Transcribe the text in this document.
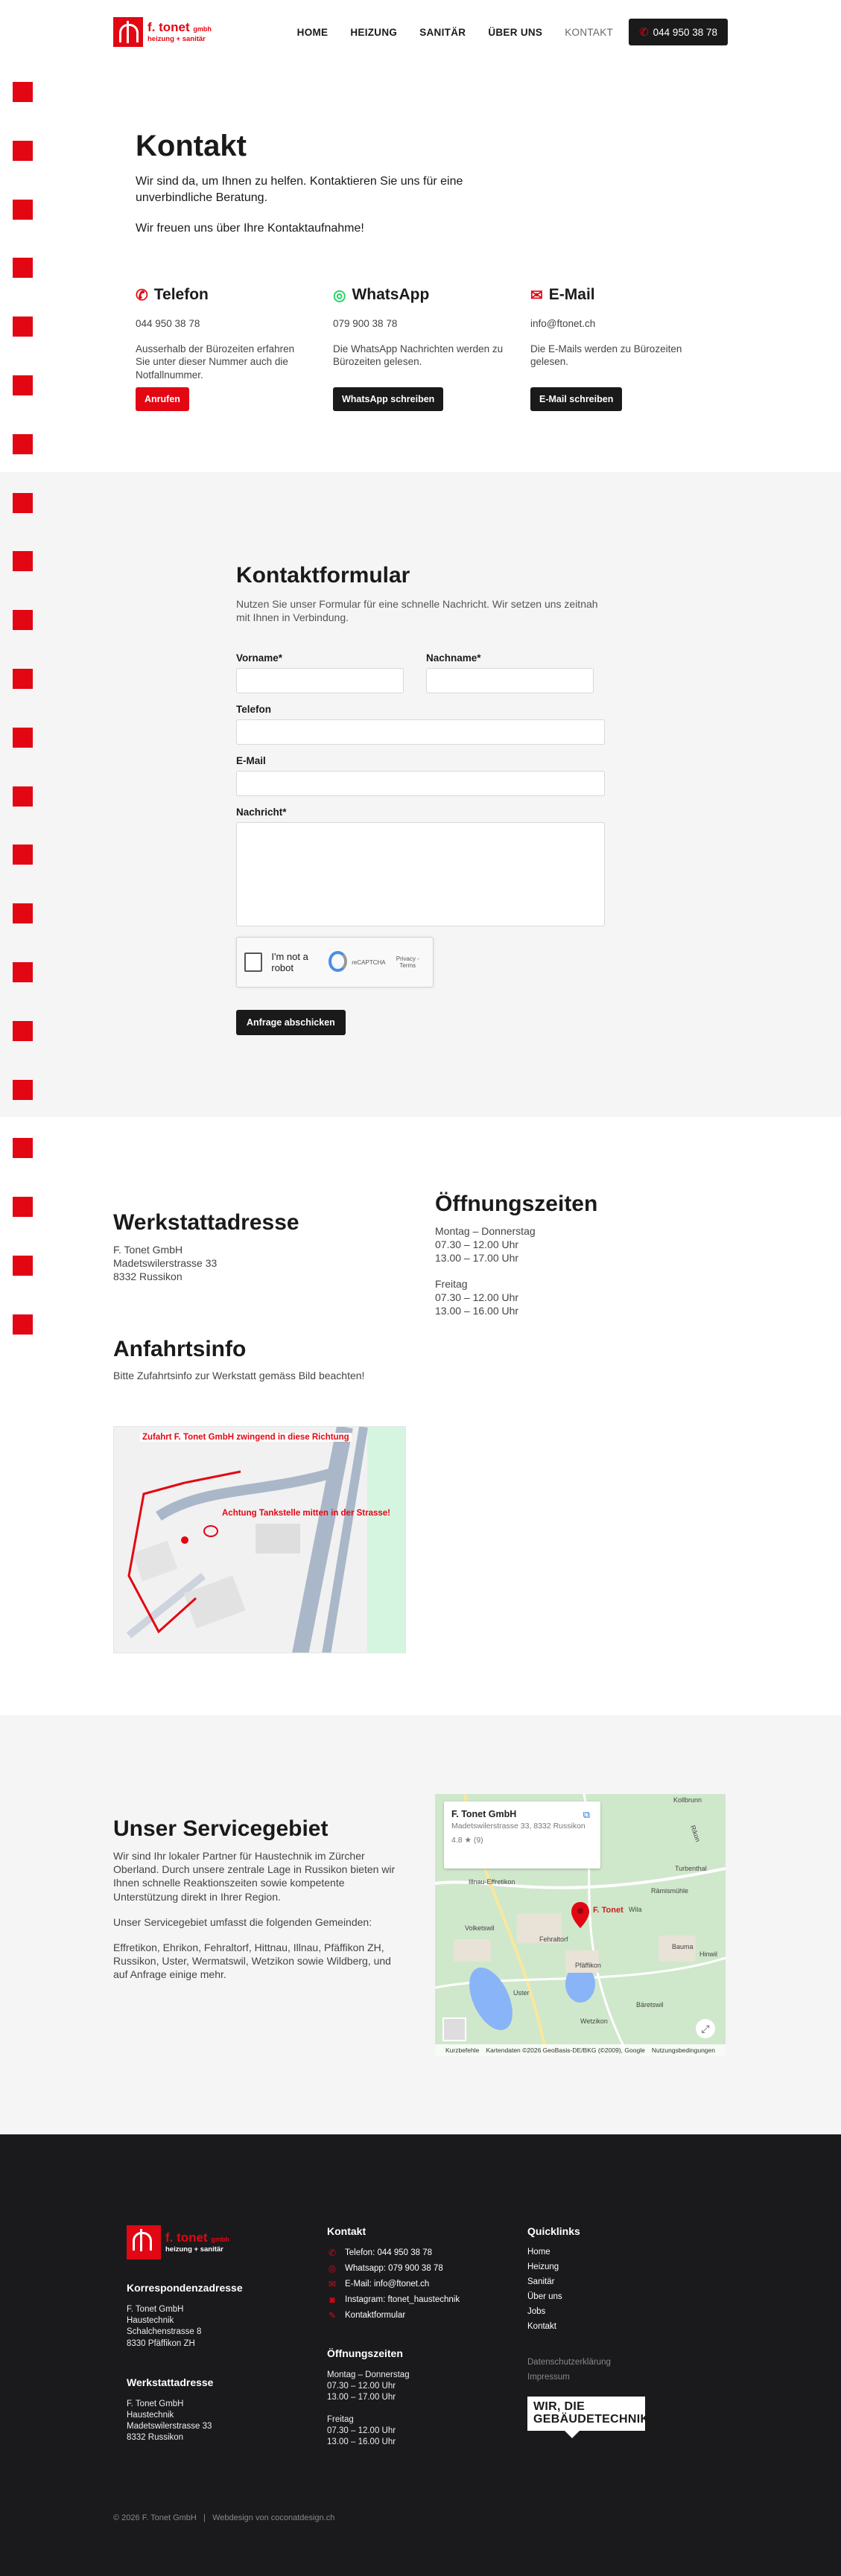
f. tonet gmbh
heizung + sanitär
HOME HEIZUNG SANITÄR ÜBER UNS KONTAKT ✆ 044 950 38 78
Kontakt

Wir sind da, um Ihnen zu helfen. Kontaktieren Sie uns für eine unverbindliche Beratung.

Wir freuen uns über Ihre Kontaktaufnahme!

✆ Telefon
044 950 38 78
Ausserhalb der Bürozeiten erfahren Sie unter dieser Nummer auch die Notfallnummer.
Anrufen
◎ WhatsApp
079 900 38 78
Die WhatsApp Nachrichten werden zu Bürozeiten gelesen.
WhatsApp schreiben
✉ E-Mail
info@ftonet.ch
Die E-Mails werden zu Bürozeiten gelesen.
E-Mail schreiben
Kontaktformular

Nutzen Sie unser Formular für eine schnelle Nachricht. Wir setzen uns zeitnah mit Ihnen in Verbindung.

Vorname*	Nachname*
Telefon
E-Mail
Nachricht*
I'm not a robot	reCAPTCHA	Privacy - Terms
Anfrage abschicken
Werkstattadresse
F. Tonet GmbH
Madetswilerstrasse 33
8332 Russikon
Öffnungszeiten
Montag – Donnerstag
07.30 – 12.00 Uhr
13.00 – 17.00 Uhr
Freitag
07.30 – 12.00 Uhr
13.00 – 16.00 Uhr
Anfahrtsinfo

Bitte Zufahrtsinfo zur Werkstatt gemäss Bild beachten!

Zufahrt F. Tonet GmbH zwingend in diese Richtung
Achtung Tankstelle mitten in der Strasse!
Unser Servicegebiet

Wir sind Ihr lokaler Partner für Haustechnik im Zürcher Oberland. Durch unsere zentrale Lage in Russikon bieten wir Ihnen schnelle Reaktionszeiten sowie kompetente Unterstützung direkt in Ihrer Region.

Unser Servicegebiet umfasst die folgenden Gemeinden:

Effretikon, Ehrikon, Fehraltorf, Hittnau, Illnau, Pfäffikon ZH, Russikon, Uster, Wermatswil, Wetzikon sowie Wildberg, und auf Anfrage einige mehr.

F. Tonet
Kollbrunn
Turbenthal
Illnau-Effretikon
Rämismühle
Wila
Fehraltorf
Bauma
Pfäffikon
Uster
Wetzikon
Bäretswil
Hinwil
Volketswil
Rikon
F. Tonet GmbH
Madetswilerstrasse 33, 8332 Russikon
4.8 ★ (9)
⧉
⤢
Kurzbefehle Kartendaten ©2026 GeoBasis-DE/BKG (©2009), Google Nutzungsbedingungen
f. tonet gmbh
heizung + sanitär
Korrespondenzadresse
F. Tonet GmbH
Haustechnik
Schalchenstrasse 8
8330 Pfäffikon ZH
Werkstattadresse
F. Tonet GmbH
Haustechnik
Madetswilerstrasse 33
8332 Russikon
Kontakt
✆ Telefon: 044 950 38 78
◎ Whatsapp: 079 900 38 78
✉ E-Mail: info@ftonet.ch
◙ Instagram: ftonet_haustechnik
✎ Kontaktformular
Öffnungszeiten
Montag – Donnerstag
07.30 – 12.00 Uhr
13.00 – 17.00 Uhr
Freitag
07.30 – 12.00 Uhr
13.00 – 16.00 Uhr
Quicklinks
Home
Heizung
Sanitär
Über uns
Jobs
Kontakt
Datenschutzerklärung
Impressum
WIR, DIE
GEBÄUDETECHNIKER
© 2026 F. Tonet GmbH | Webdesign von coconatdesign.ch
